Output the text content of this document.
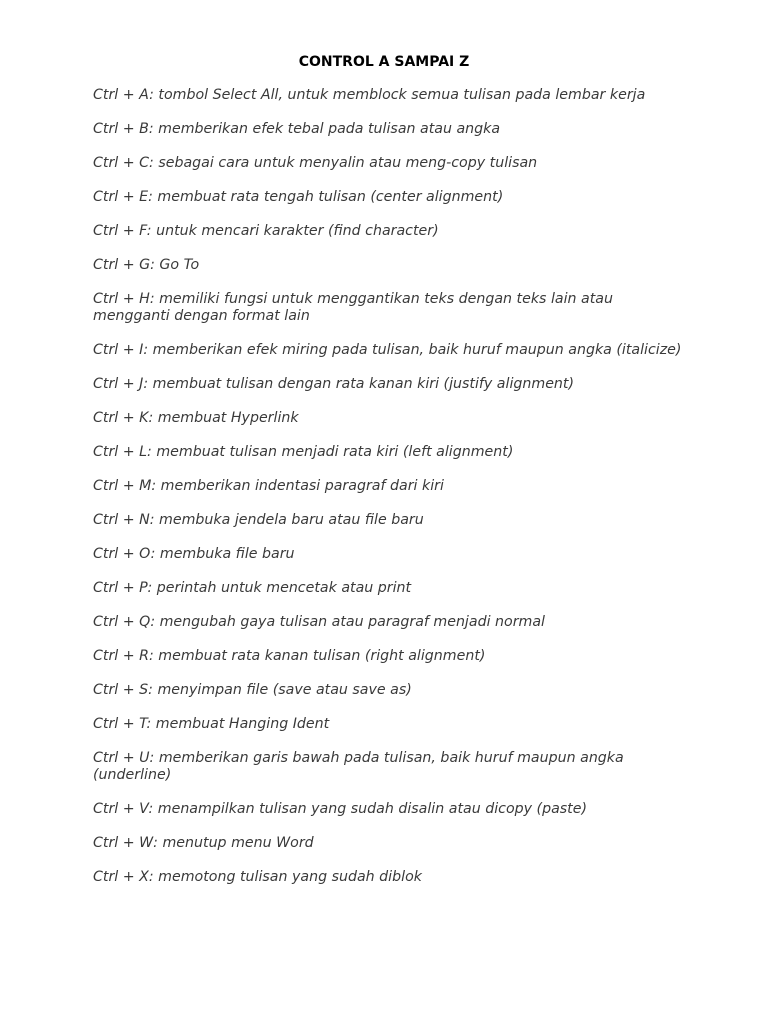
CONTROL A SAMPAI Z
Ctrl + A: tombol Select All, untuk memblock semua tulisan pada lembar kerja
Ctrl + B: memberikan efek tebal pada tulisan atau angka
Ctrl + C: sebagai cara untuk menyalin atau meng-copy tulisan
Ctrl + E: membuat rata tengah tulisan (center alignment)
Ctrl + F: untuk mencari karakter (find character)
Ctrl + G: Go To
Ctrl + H: memiliki fungsi untuk menggantikan teks dengan teks lain atau mengganti dengan format lain
Ctrl + I: memberikan efek miring pada tulisan, baik huruf maupun angka (italicize)
Ctrl + J: membuat tulisan dengan rata kanan kiri (justify alignment)
Ctrl + K: membuat Hyperlink
Ctrl + L: membuat tulisan menjadi rata kiri (left alignment)
Ctrl + M: memberikan indentasi paragraf dari kiri
Ctrl + N: membuka jendela baru atau file baru
Ctrl + O: membuka file baru
Ctrl + P: perintah untuk mencetak atau print
Ctrl + Q: mengubah gaya tulisan atau paragraf menjadi normal
Ctrl + R: membuat rata kanan tulisan (right alignment)
Ctrl + S: menyimpan file (save atau save as)
Ctrl + T: membuat Hanging Ident
Ctrl + U: memberikan garis bawah pada tulisan, baik huruf maupun angka (underline)
Ctrl + V: menampilkan tulisan yang sudah disalin atau dicopy (paste)
Ctrl + W: menutup menu Word
Ctrl + X: memotong tulisan yang sudah diblok
